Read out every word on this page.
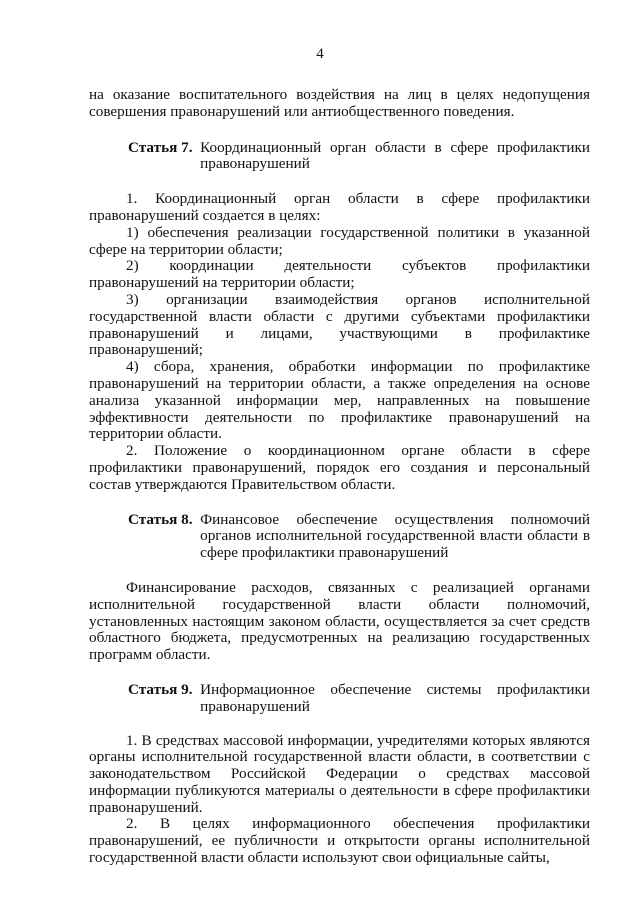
4

на оказание воспитательного воздействия на лиц в целях недопущения совершения правонарушений или антиобщественного поведения.

Статья 7. Координационный орган области в сфере профилактики правонарушений

1. Координационный орган области в сфере профилактики правонарушений создается в целях:

1) обеспечения реализации государственной политики в указанной сфере на территории области;

2) координации деятельности субъектов профилактики правонарушений на территории области;

3) организации взаимодействия органов исполнительной государственной власти области с другими субъектами профилактики правонарушений и лицами, участвующими в профилактике правонарушений;

4) сбора, хранения, обработки информации по профилактике правонарушений на территории области, а также определения на основе анализа указанной информации мер, направленных на повышение эффективности деятельности по профилактике правонарушений на территории области.

2. Положение о координационном органе области в сфере профилактики правонарушений, порядок его создания и персональный состав утверждаются Правительством области.

Статья 8. Финансовое обеспечение осуществления полномочий органов исполнительной государственной власти области в сфере профилактики правонарушений

Финансирование расходов, связанных с реализацией органами исполнительной государственной власти области полномочий, установленных настоящим законом области, осуществляется за счет средств областного бюджета, предусмотренных на реализацию государственных программ области.

Статья 9. Информационное обеспечение системы профилактики правонарушений

1. В средствах массовой информации, учредителями которых являются органы исполнительной государственной власти области, в соответствии с законодательством Российской Федерации о средствах массовой информации публикуются материалы о деятельности в сфере профилактики правонарушений.

2. В целях информационного обеспечения профилактики правонарушений, ее публичности и открытости органы исполнительной государственной власти области используют свои официальные сайты,
